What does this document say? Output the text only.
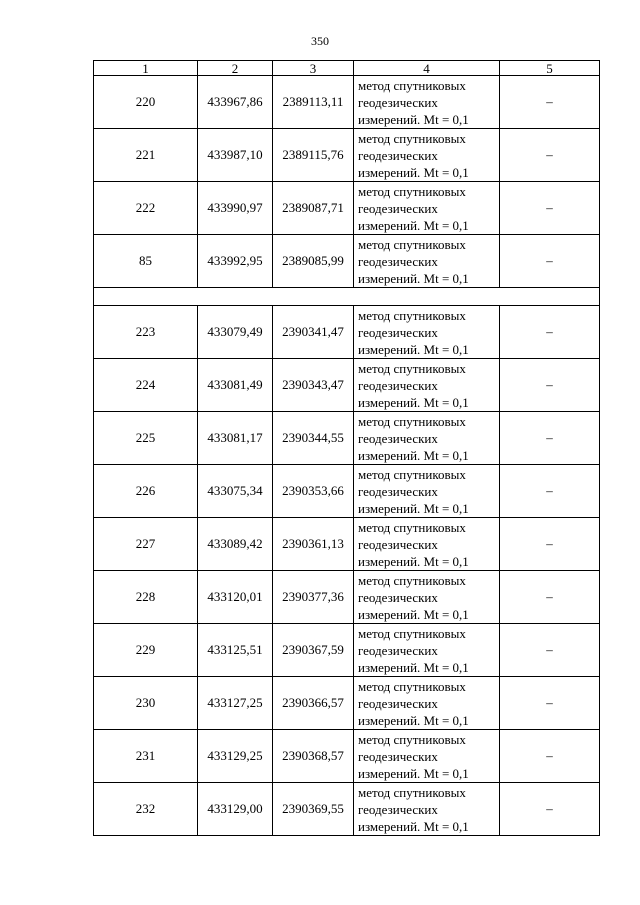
350
1	2	3	4	5
220	433967,86	2389113,11	метод спутниковых
геодезических
измерений. Mt = 0,1	–
221	433987,10	2389115,76	метод спутниковых
геодезических
измерений. Mt = 0,1	–
222	433990,97	2389087,71	метод спутниковых
геодезических
измерений. Mt = 0,1	–
85	433992,95	2389085,99	метод спутниковых
геодезических
измерений. Mt = 0,1	–

223	433079,49	2390341,47	метод спутниковых
геодезических
измерений. Mt = 0,1	–
224	433081,49	2390343,47	метод спутниковых
геодезических
измерений. Mt = 0,1	–
225	433081,17	2390344,55	метод спутниковых
геодезических
измерений. Mt = 0,1	–
226	433075,34	2390353,66	метод спутниковых
геодезических
измерений. Mt = 0,1	–
227	433089,42	2390361,13	метод спутниковых
геодезических
измерений. Mt = 0,1	–
228	433120,01	2390377,36	метод спутниковых
геодезических
измерений. Mt = 0,1	–
229	433125,51	2390367,59	метод спутниковых
геодезических
измерений. Mt = 0,1	–
230	433127,25	2390366,57	метод спутниковых
геодезических
измерений. Mt = 0,1	–
231	433129,25	2390368,57	метод спутниковых
геодезических
измерений. Mt = 0,1	–
232	433129,00	2390369,55	метод спутниковых
геодезических
измерений. Mt = 0,1	–
